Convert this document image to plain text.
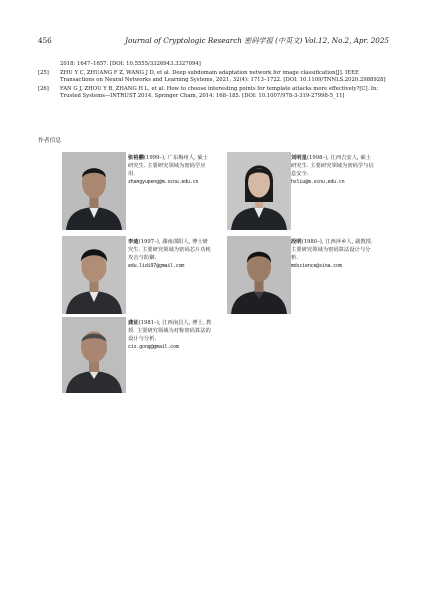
456	Journal of Cryptologic Research 密码学报 (中英文) Vol.12, No.2, Apr. 2025
2018: 1647–1657. [DOI: 10.5555/3326943.3327094]
[25] ZHU Y C, ZHUANG F Z, WANG J D, et al. Deep subdomain adaptation network for image classification[J]. IEEE Transactions on Neural Networks and Learning Systems, 2021, 32(4): 1713–1722. [DOI: 10.1109/TNNLS.2020.2988928]
[26] FAN G J, ZHOU Y B, ZHANG H L, et al. How to choose interesting points for template attacks more effectively?[C]. In: Trusted Systems—INTRUST 2014. Springer Cham, 2014: 168–185. [DOI: 10.1007/978-3-319-27998-5_11]
作者信息
张裕鹏(1999–), 广东梅州人, 硕士研究生. 主要研究领域为密码学应用.
zhangyupeng@m.scnu.edu.cn
刘明星(1998–), 江西吉安人, 硕士研究生. 主要研究领域为密码学与信息安全.
hxliu@m.scnu.edu.cn
李迪(1997–), 湖南邵阳人, 博士研究生. 主要研究领域为密码芯片功耗攻击与防御.
edu.lidi97@gmail.com
段明(1980–), 江西萍乡人, 副教授. 主要研究领域为密码算法设计与分析.
mdscience@sina.com
龚征(1981–), 江西南昌人, 博士, 教授. 主要研究领域为对称密码算法的设计与分析.
cis.gong@gmail.com
